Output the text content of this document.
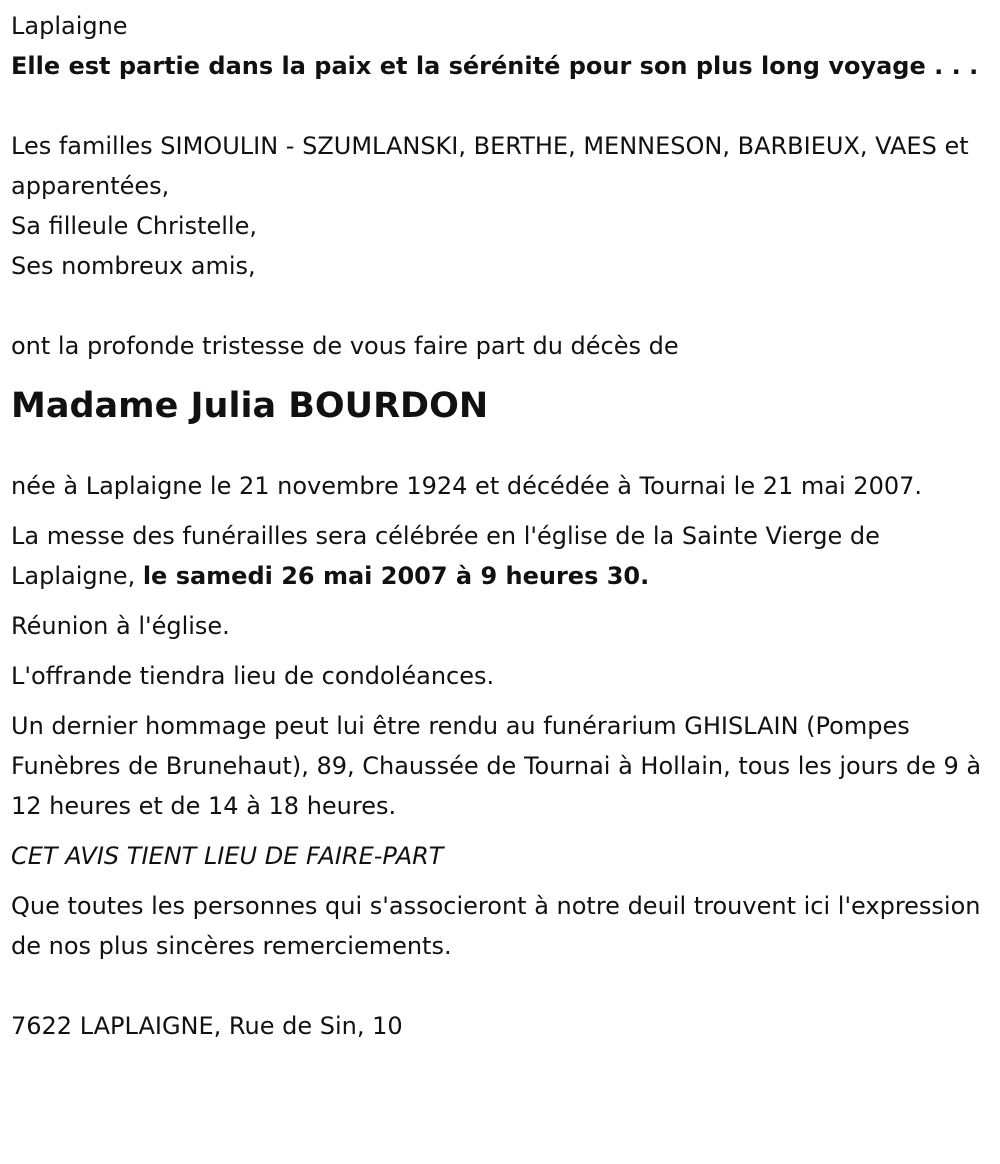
Laplaigne

Elle est partie dans la paix et la sérénité pour son plus long voyage . . .

Les familles SIMOULIN - SZUMLANSKI, BERTHE, MENNESON, BARBIEUX, VAES et apparentées,

Sa filleule Christelle,

Ses nombreux amis,

ont la profonde tristesse de vous faire part du décès de

Madame Julia BOURDON

née à Laplaigne le 21 novembre 1924 et décédée à Tournai le 21 mai 2007.

La messe des funérailles sera célébrée en l'église de la Sainte Vierge de Laplaigne, le samedi 26 mai 2007 à 9 heures 30.

Réunion à l'église.

L'offrande tiendra lieu de condoléances.

Un dernier hommage peut lui être rendu au funérarium GHISLAIN (Pompes Funèbres de Brunehaut), 89, Chaussée de Tournai à Hollain, tous les jours de 9 à 12 heures et de 14 à 18 heures.

CET AVIS TIENT LIEU DE FAIRE-PART

Que toutes les personnes qui s'associeront à notre deuil trouvent ici l'expression de nos plus sincères remerciements.

7622 LAPLAIGNE, Rue de Sin, 10
